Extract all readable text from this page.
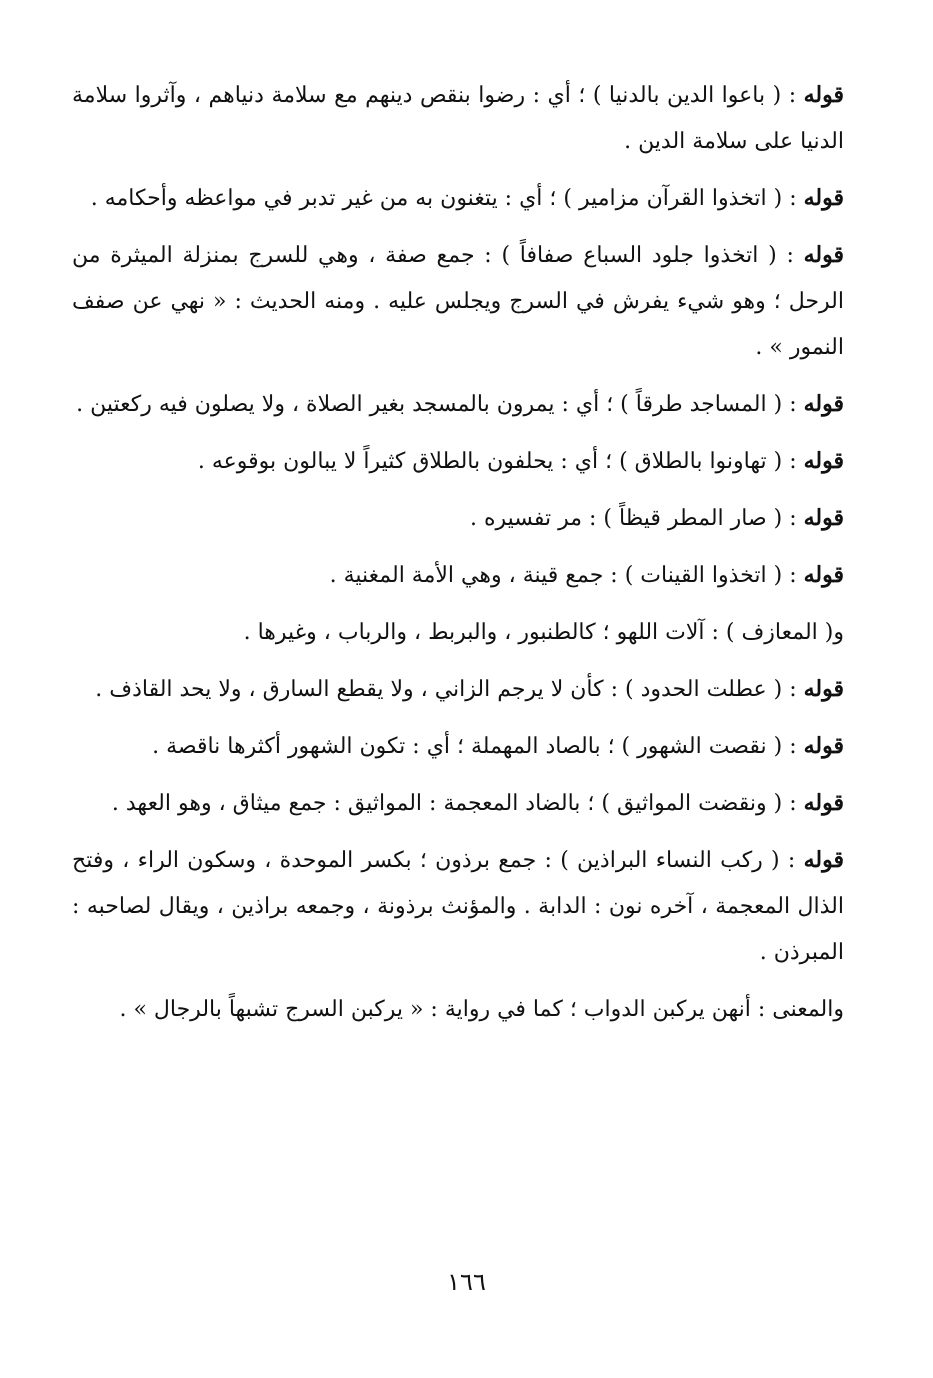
قوله : ( باعوا الدين بالدنيا ) ؛ أي : رضوا بنقص دينهم مع سلامة دنياهم ، وآثروا سلامة الدنيا على سلامة الدين .

قوله : ( اتخذوا القرآن مزامير ) ؛ أي : يتغنون به من غير تدبر في مواعظه وأحكامه .

قوله : ( اتخذوا جلود السباع صفافاً ) : جمع صفة ، وهي للسرج بمنزلة الميثرة من الرحل ؛ وهو شيء يفرش في السرج ويجلس عليه . ومنه الحديث : « نهي عن صفف النمور » .

قوله : ( المساجد طرقاً ) ؛ أي : يمرون بالمسجد بغير الصلاة ، ولا يصلون فيه ركعتين .

قوله : ( تهاونوا بالطلاق ) ؛ أي : يحلفون بالطلاق كثيراً لا يبالون بوقوعه .

قوله : ( صار المطر قيظاً ) : مر تفسيره .

قوله : ( اتخذوا القينات ) : جمع قينة ، وهي الأمة المغنية .

و( المعازف ) : آلات اللهو ؛ كالطنبور ، والبربط ، والرباب ، وغيرها .

قوله : ( عطلت الحدود ) : كأن لا يرجم الزاني ، ولا يقطع السارق ، ولا يحد القاذف .

قوله : ( نقصت الشهور ) ؛ بالصاد المهملة ؛ أي : تكون الشهور أكثرها ناقصة .

قوله : ( ونقضت المواثيق ) ؛ بالضاد المعجمة : المواثيق : جمع ميثاق ، وهو العهد .

قوله : ( ركب النساء البراذين ) : جمع برذون ؛ بكسر الموحدة ، وسكون الراء ، وفتح الذال المعجمة ، آخره نون : الدابة . والمؤنث برذونة ، وجمعه براذين ، ويقال لصاحبه : المبرذن .

والمعنى : أنهن يركبن الدواب ؛ كما في رواية : « يركبن السرج تشبهاً بالرجال » .

١٦٦
